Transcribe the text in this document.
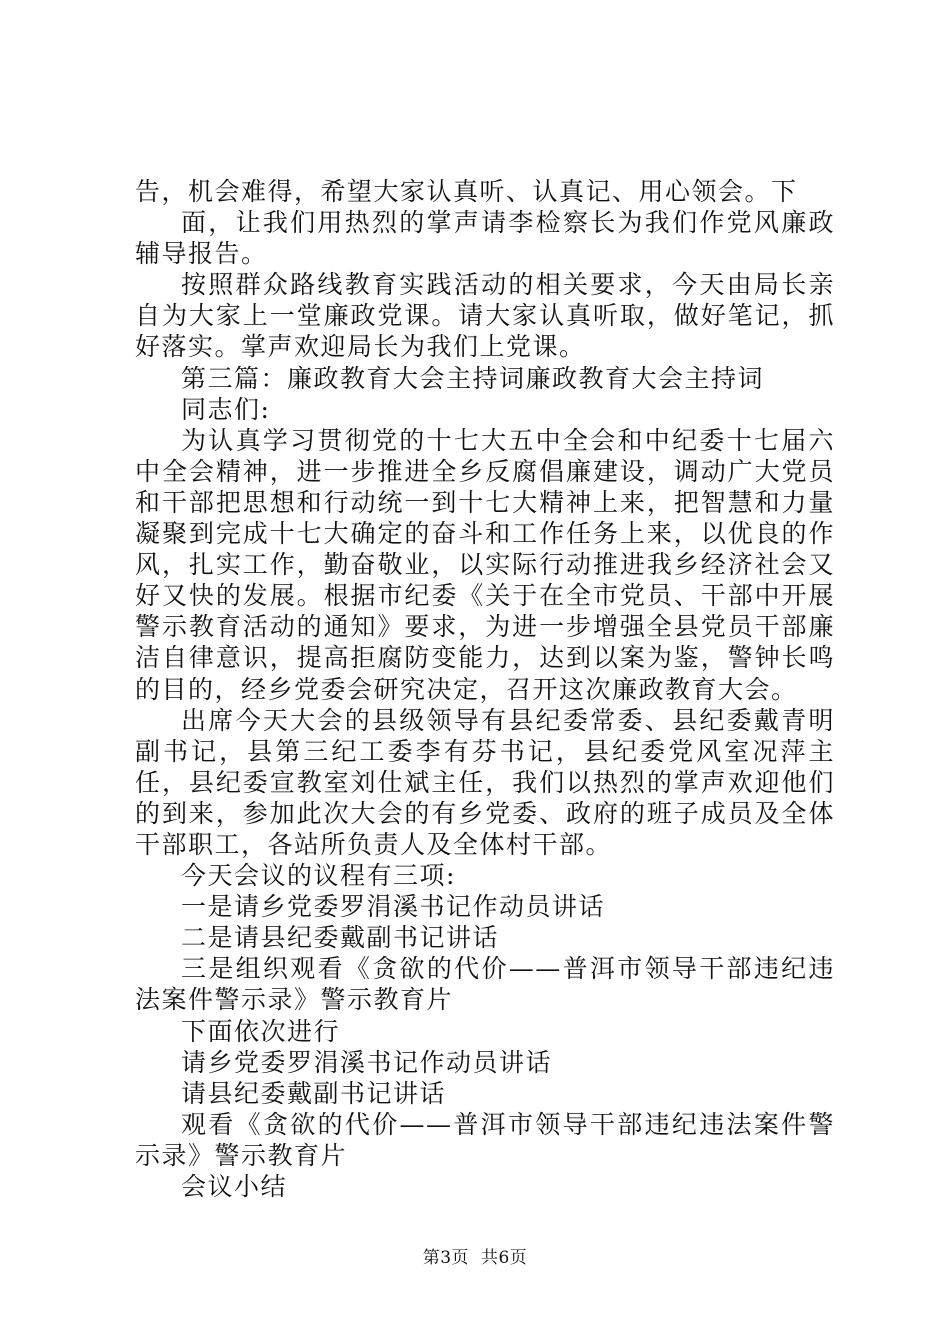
告，机会难得，希望大家认真听、认真记、用心领会。下

面，让我们用热烈的掌声请李检察长为我们作党风廉政辅导报告。

按照群众路线教育实践活动的相关要求，今天由局长亲自为大家上一堂廉政党课。请大家认真听取，做好笔记，抓好落实。掌声欢迎局长为我们上党课。

第三篇：廉政教育大会主持词廉政教育大会主持词

同志们:

为认真学习贯彻党的十七大五中全会和中纪委十七届六中全会精神，进一步推进全乡反腐倡廉建设，调动广大党员和干部把思想和行动统一到十七大精神上来，把智慧和力量凝聚到完成十七大确定的奋斗和工作任务上来，以优良的作风，扎实工作，勤奋敬业，以实际行动推进我乡经济社会又好又快的发展。根据市纪委《关于在全市党员、干部中开展警示教育活动的通知》要求，为进一步增强全县党员干部廉洁自律意识，提高拒腐防变能力，达到以案为鉴，警钟长鸣的目的，经乡党委会研究决定，召开这次廉政教育大会。

出席今天大会的县级领导有县纪委常委、县纪委戴青明副书记，县第三纪工委李有芬书记，县纪委党风室况萍主任，县纪委宣教室刘仕斌主任，我们以热烈的掌声欢迎他们的到来，参加此次大会的有乡党委、政府的班子成员及全体干部职工，各站所负责人及全体村干部。

今天会议的议程有三项:

一是请乡党委罗涓溪书记作动员讲话

二是请县纪委戴副书记讲话

三是组织观看《贪欲的代价——普洱市领导干部违纪违法案件警示录》警示教育片

下面依次进行

请乡党委罗涓溪书记作动员讲话

请县纪委戴副书记讲话

观看《贪欲的代价——普洱市领导干部违纪违法案件警示录》警示教育片

会议小结

第3页 共6页
